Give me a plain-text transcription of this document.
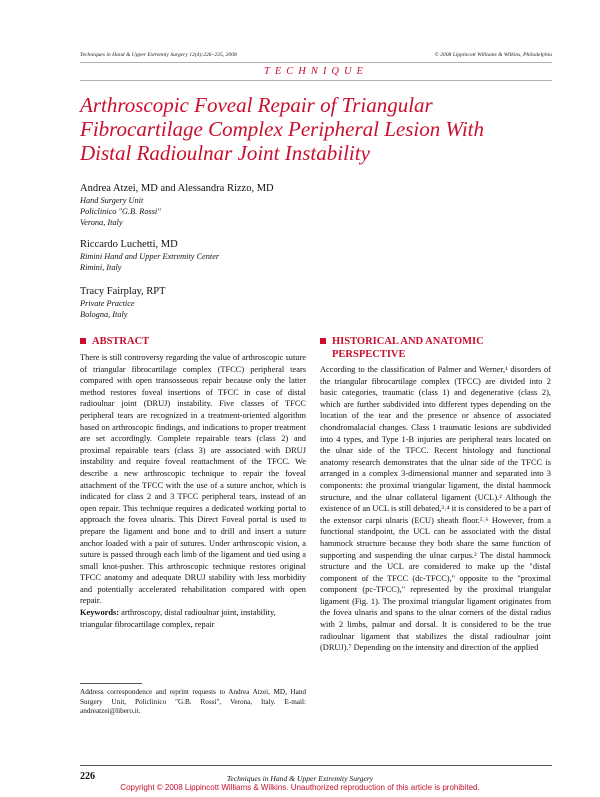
Techniques in Hand & Upper Extremity Surgery 12(4):226–235, 2008	© 2008 Lippincott Williams & Wilkins, Philadelphia
TECHNIQUE
Arthroscopic Foveal Repair of Triangular
Fibrocartilage Complex Peripheral Lesion With
Distal Radioulnar Joint Instability
Andrea Atzei, MD and Alessandra Rizzo, MD
Hand Surgery Unit
Policlinico "G.B. Rossi"
Verona, Italy
Riccardo Luchetti, MD
Rimini Hand and Upper Extremity Center
Rimini, Italy
Tracy Fairplay, RPT
Private Practice
Bologna, Italy
ABSTRACT

There is still controversy regarding the value of arthroscopic suture of triangular fibrocartilage complex (TFCC) peripheral tears compared with open transosseous repair because only the latter method restores foveal insertions of TFCC in case of distal radioulnar joint (DRUJ) instability. Five classes of TFCC peripheral tears are recognized in a treatment-oriented algorithm based on arthroscopic findings, and indications to proper treatment are set accordingly. Complete repairable tears (class 2) and proximal repairable tears (class 3) are associated with DRUJ instability and require foveal reattachment of the TFCC. We describe a new arthroscopic technique to repair the foveal attachment of the TFCC with the use of a suture anchor, which is indicated for class 2 and 3 TFCC peripheral tears, instead of an open repair. This technique requires a dedicated working portal to approach the fovea ulnaris. This Direct Foveal portal is used to prepare the ligament and bone and to drill and insert a suture anchor loaded with a pair of sutures. Under arthroscopic vision, a suture is passed through each limb of the ligament and tied using a small knot-pusher. This arthroscopic technique restores original TFCC anatomy and adequate DRUJ stability with less morbidity and potentially accelerated rehabilitation compared with open repair.

Keywords: arthroscopy, distal radioulnar joint, instability, triangular fibrocartilage complex, repair

Address correspondence and reprint requests to Andrea Atzei, MD, Hand Surgery Unit, Policlinico "G.B. Rossi", Verona, Italy. E-mail: andreatzei@libero.it.
HISTORICAL AND ANATOMIC
PERSPECTIVE

According to the classification of Palmer and Werner,¹ disorders of the triangular fibrocartilage complex (TFCC) are divided into 2 basic categories, traumatic (class 1) and degenerative (class 2), which are further subdivided into different types depending on the location of the tear and the presence or absence of associated chondromalacial changes. Class 1 traumatic lesions are subdivided into 4 types, and Type 1-B injuries are peripheral tears located on the ulnar side of the TFCC. Recent histology and functional anatomy research demonstrates that the ulnar side of the TFCC is arranged in a complex 3-dimensional manner and separated into 3 components: the proximal triangular ligament, the distal hammock structure, and the ulnar collateral ligament (UCL).² Although the existence of an UCL is still debated,³˒⁴ it is considered to be a part of the extensor carpi ulnaris (ECU) sheath floor.⁵˒⁶ However, from a functional standpoint, the UCL can be associated with the distal hammock structure because they both share the same function of supporting and suspending the ulnar carpus.² The distal hammock structure and the UCL are considered to make up the "distal component of the TFCC (dc-TFCC)," opposite to the "proximal component (pc-TFCC)," represented by the proximal triangular ligament (Fig. 1). The proximal triangular ligament originates from the fovea ulnaris and spans to the ulnar corners of the distal radius with 2 limbs, palmar and dorsal. It is considered to be the true radioulnar ligament that stabilizes the distal radioulnar joint (DRUJ).⁷ Depending on the intensity and direction of the applied

226	Techniques in Hand & Upper Extremity Surgery
Copyright © 2008 Lippincott Williams & Wilkins. Unauthorized reproduction of this article is prohibited.
